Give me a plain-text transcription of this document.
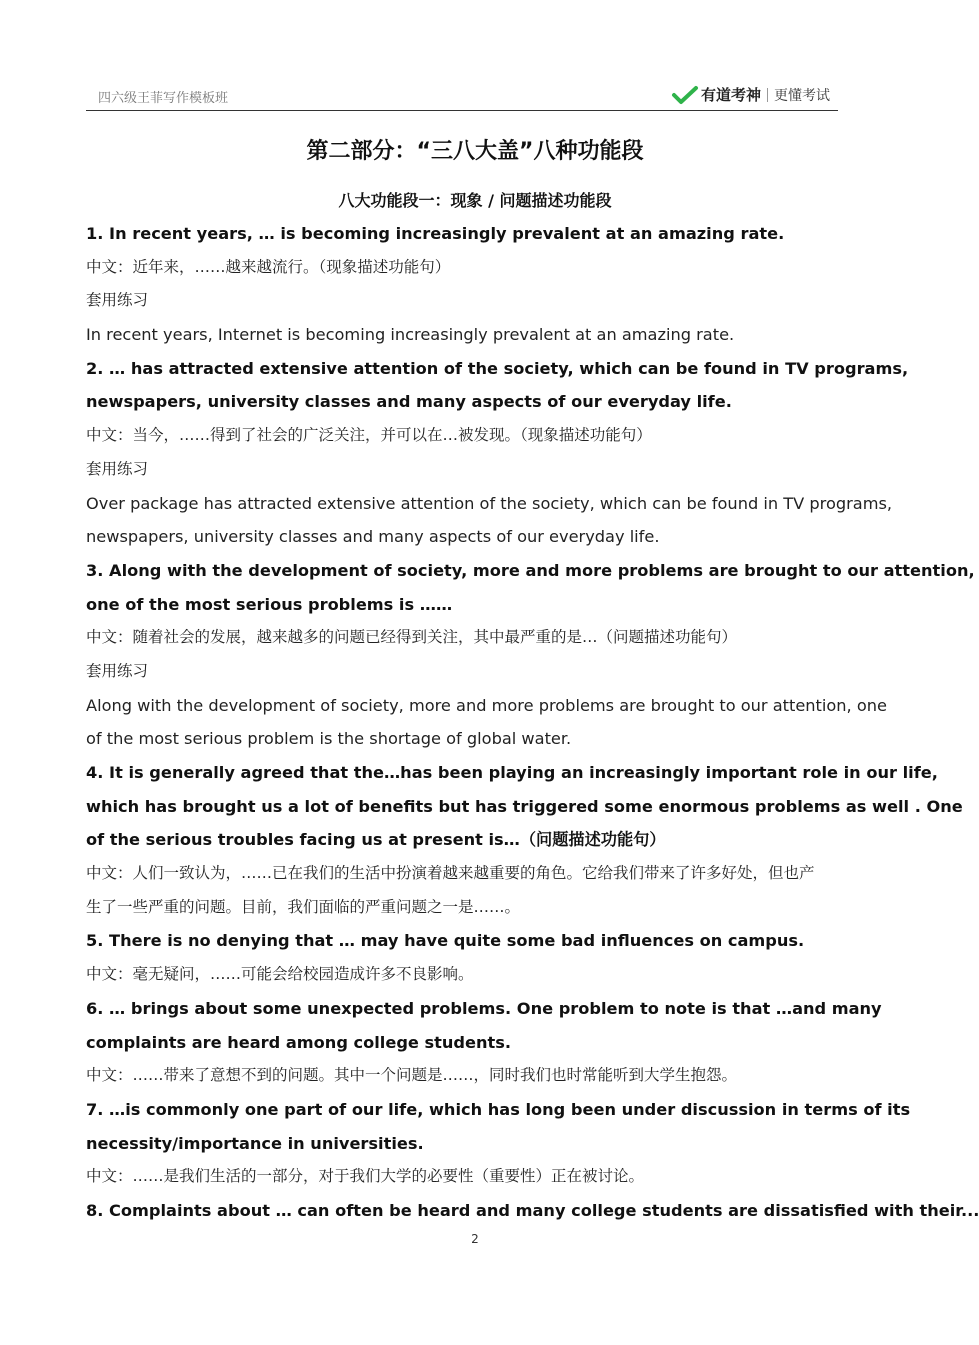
四六级王菲写作模板班	有道考神 更懂考试
第二部分：“三八大盖”八种功能段
八大功能段一：现象 / 问题描述功能段
1. In recent years, … is becoming increasingly prevalent at an amazing rate.
中文：近年来，……越来越流行。（现象描述功能句）
套用练习
In recent years, Internet is becoming increasingly prevalent at an amazing rate.
2. … has attracted extensive attention of the society, which can be found in TV programs,
newspapers, university classes and many aspects of our everyday life.
中文：当今，……得到了社会的广泛关注，并可以在…被发现。（现象描述功能句）
套用练习
Over package has attracted extensive attention of the society, which can be found in TV programs,
newspapers, university classes and many aspects of our everyday life.
3. Along with the development of society, more and more problems are brought to our attention,
one of the most serious problems is ……
中文：随着社会的发展，越来越多的问题已经得到关注，其中最严重的是…（问题描述功能句）
套用练习
Along with the development of society, more and more problems are brought to our attention, one
of the most serious problem is the shortage of global water.
4. It is generally agreed that the…has been playing an increasingly important role in our life,
which has brought us a lot of benefits but has triggered some enormous problems as well . One
of the serious troubles facing us at present is…（问题描述功能句）
中文：人们一致认为，……已在我们的生活中扮演着越来越重要的角色。它给我们带来了许多好处，但也产
生了一些严重的问题。目前，我们面临的严重问题之一是……。
5. There is no denying that … may have quite some bad influences on campus.
中文：毫无疑问，……可能会给校园造成许多不良影响。
6. … brings about some unexpected problems. One problem to note is that …and many
complaints are heard among college students.
中文：……带来了意想不到的问题。其中一个问题是……，同时我们也时常能听到大学生抱怨。
7. …is commonly one part of our life, which has long been under discussion in terms of its
necessity/importance in universities.
中文：……是我们生活的一部分，对于我们大学的必要性（重要性）正在被讨论。
8. Complaints about … can often be heard and many college students are dissatisfied with their...
2
